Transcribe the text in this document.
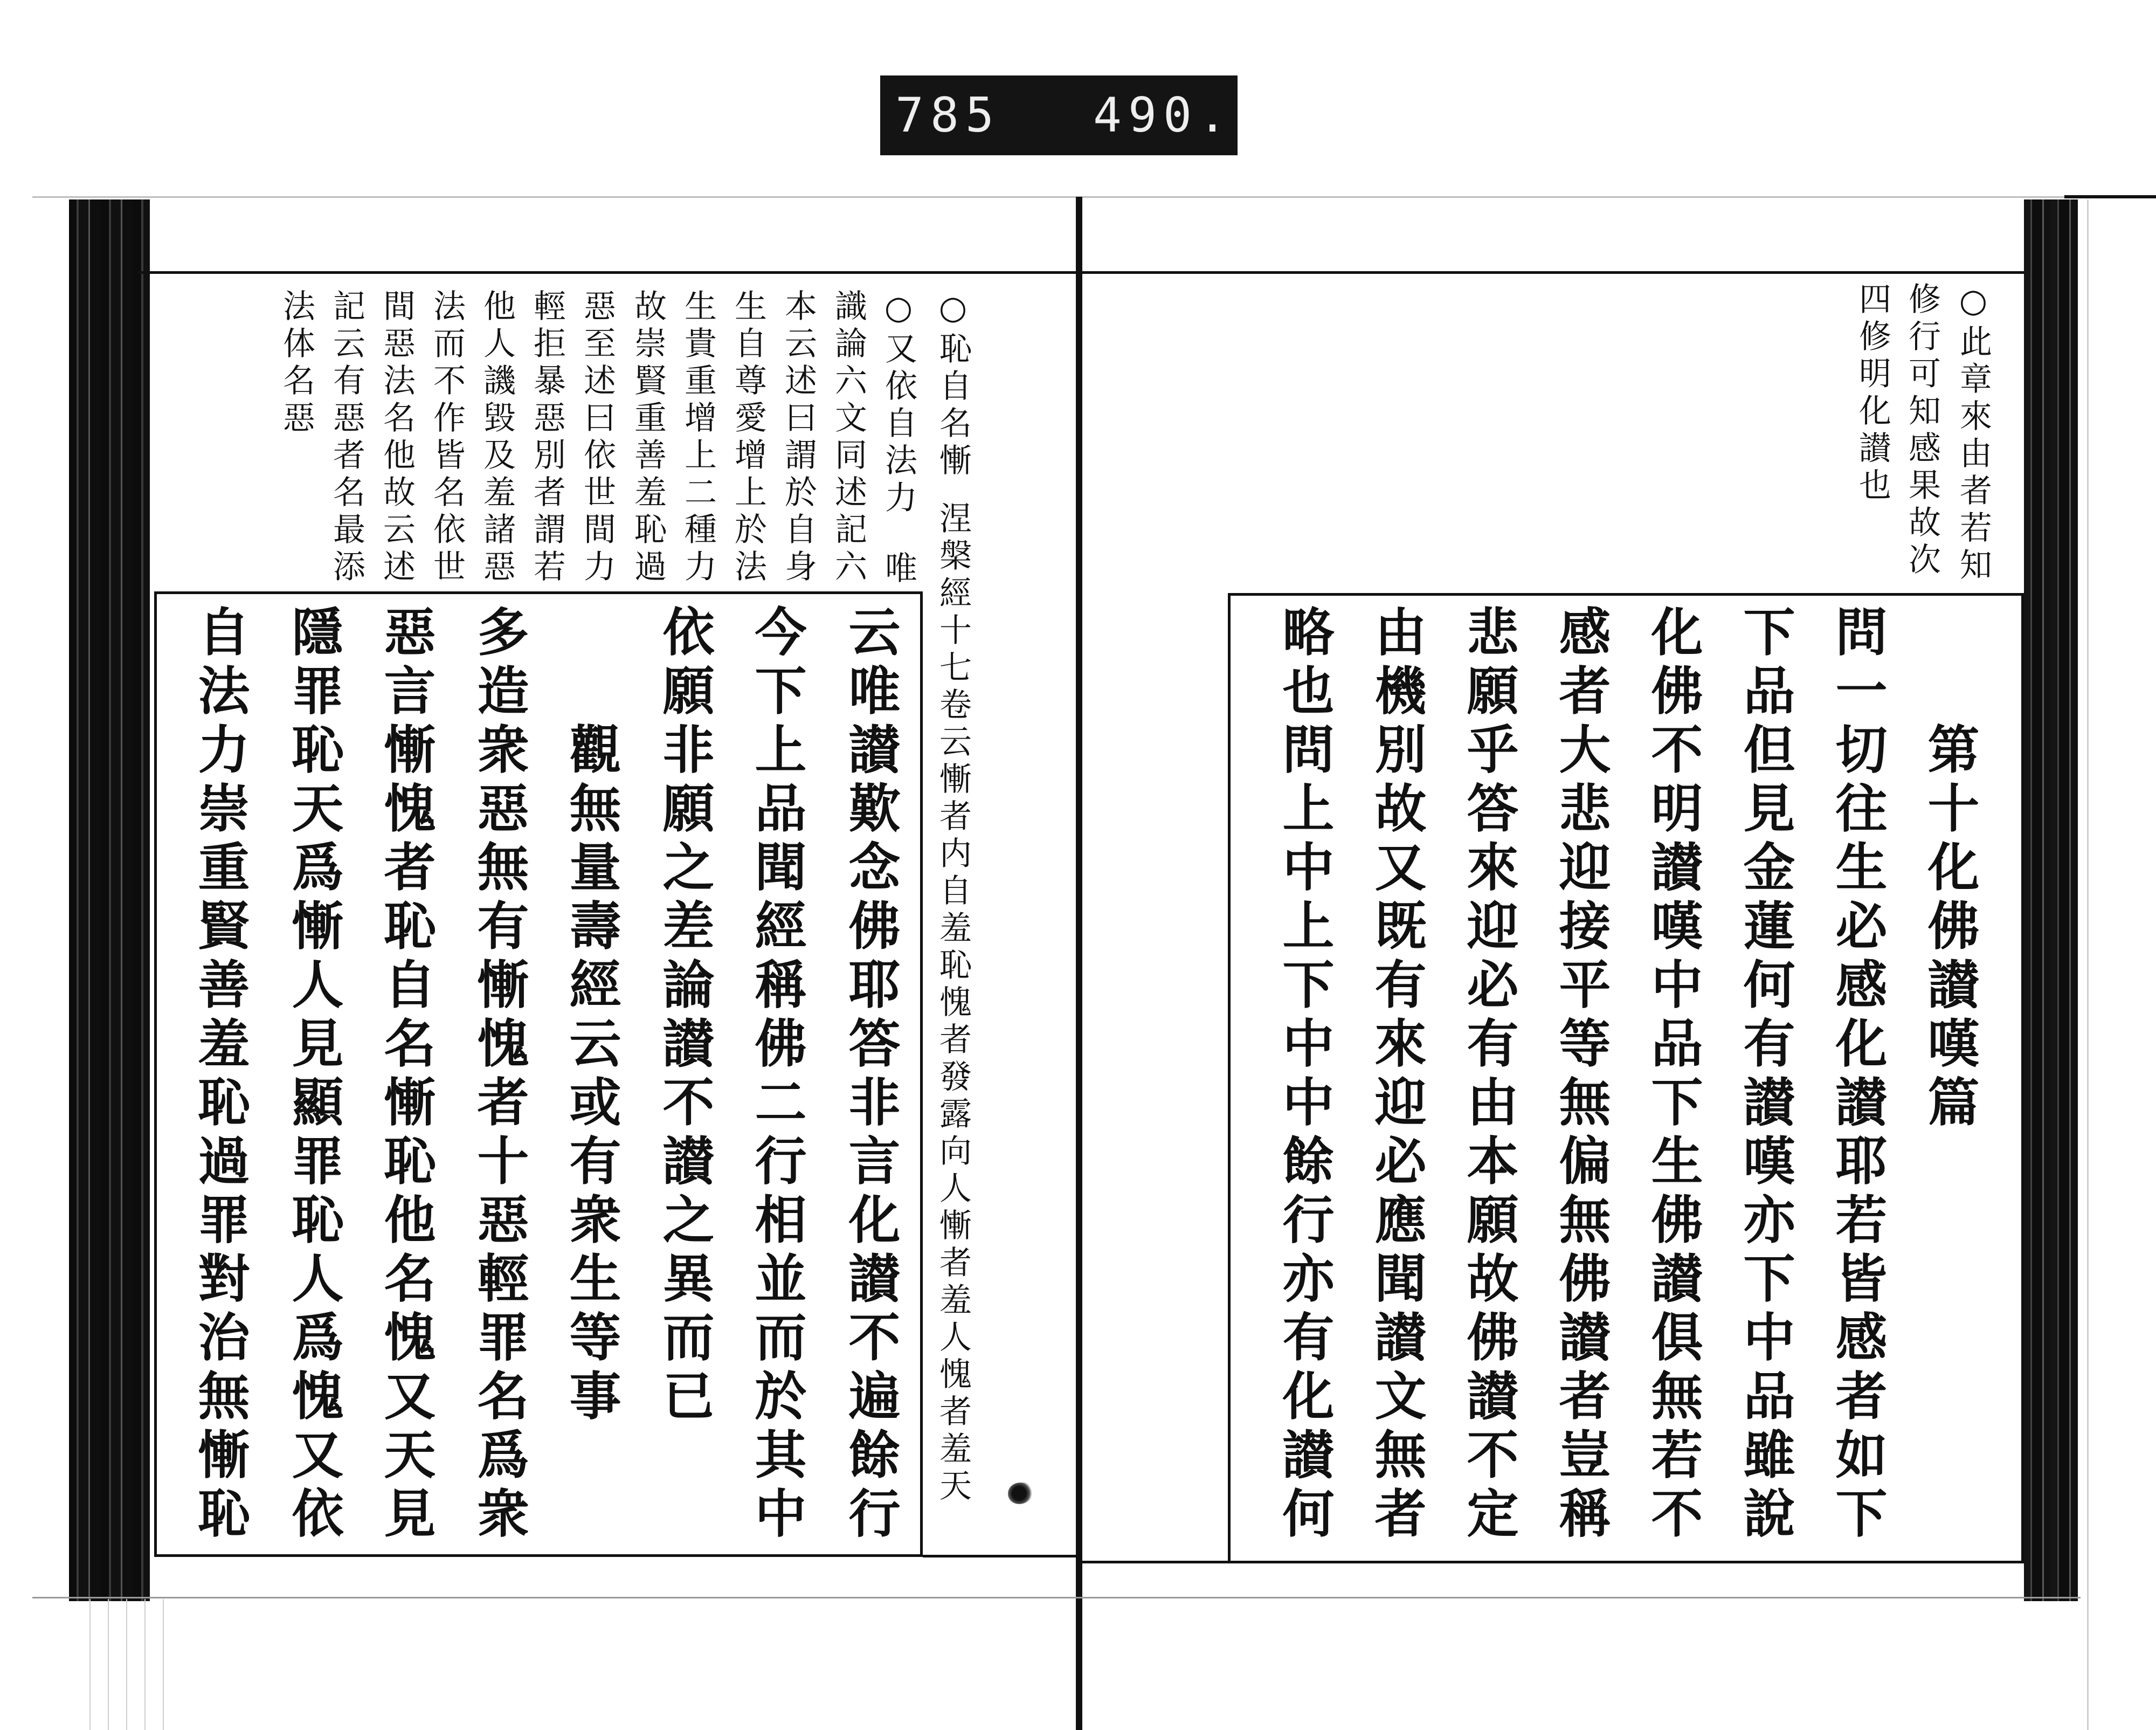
785 490.
○此章來由者若知
修行可知感果故次
四修明化讃也
第十化佛讃嘆篇
問一切往生必感化讃耶若皆感者如下
下品但見金蓮何有讃嘆亦下中品雖說
化佛不明讃嘆中品下生佛讃俱無若不
感者大悲迎接平等無偏無佛讃者豈稱
悲願乎答來迎必有由本願故佛讃不定
由機別故又既有來迎必應聞讃文無者
略也問上中上下中中餘行亦有化讃何
○恥自名慚
涅槃經十七卷云慚者内自羞恥愧者發露向人慚者羞人愧者羞天
○又依自法力
唯
識論六文同述記六
本云述曰謂於自身
生自尊愛增上於法
生貴重增上二種力
故崇賢重善羞恥過
惡至述曰依世間力
輕拒暴惡別者謂若
他人譏毀及羞諸惡
法而不作皆名依世
間惡法名他故云述
記云有惡者名最添
法体名惡
云唯讃歎念佛耶答非言化讃不遍餘行
今下上品聞經稱佛二行相並而於其中
依願非願之差論讃不讃之異而已
觀無量壽經云或有衆生等事
多造衆惡無有慚愧者十惡輕罪名爲衆
惡言慚愧者恥自名慚恥他名愧又天見
隱罪恥天爲慚人見顯罪恥人爲愧又依
自法力崇重賢善羞恥過罪對治無慚恥
